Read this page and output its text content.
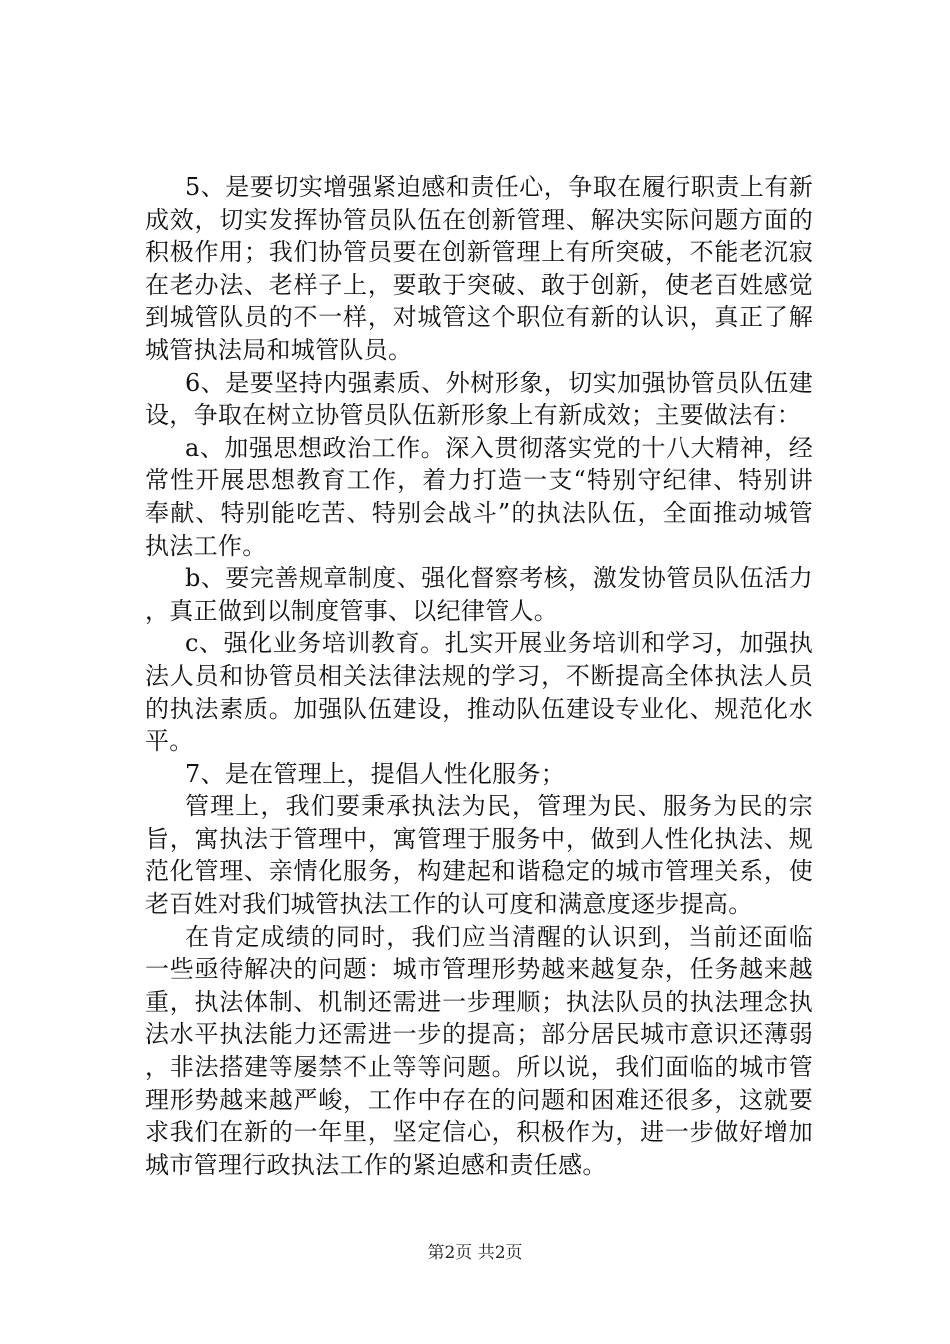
5、是要切实增强紧迫感和责任心，争取在履行职责上有新成效，切实发挥协管员队伍在创新管理、解决实际问题方面的积极作用；我们协管员要在创新管理上有所突破，不能老沉寂在老办法、老样子上，要敢于突破、敢于创新，使老百姓感觉到城管队员的不一样，对城管这个职位有新的认识，真正了解城管执法局和城管队员。

6、是要坚持内强素质、外树形象，切实加强协管员队伍建设，争取在树立协管员队伍新形象上有新成效；主要做法有：

a、加强思想政治工作。深入贯彻落实党的十八大精神，经常性开展思想教育工作，着力打造一支“特别守纪律、特别讲奉献、特别能吃苦、特别会战斗”的执法队伍，全面推动城管执法工作。

b、要完善规章制度、强化督察考核，激发协管员队伍活力，真正做到以制度管事、以纪律管人。

c、强化业务培训教育。扎实开展业务培训和学习，加强执法人员和协管员相关法律法规的学习，不断提高全体执法人员的执法素质。加强队伍建设，推动队伍建设专业化、规范化水平。

7、是在管理上，提倡人性化服务；

管理上，我们要秉承执法为民，管理为民、服务为民的宗旨，寓执法于管理中，寓管理于服务中，做到人性化执法、规范化管理、亲情化服务，构建起和谐稳定的城市管理关系，使老百姓对我们城管执法工作的认可度和满意度逐步提高。

在肯定成绩的同时，我们应当清醒的认识到，当前还面临一些亟待解决的问题：城市管理形势越来越复杂，任务越来越重，执法体制、机制还需进一步理顺；执法队员的执法理念执法水平执法能力还需进一步的提高；部分居民城市意识还薄弱，非法搭建等屡禁不止等等问题。所以说，我们面临的城市管理形势越来越严峻，工作中存在的问题和困难还很多，这就要求我们在新的一年里，坚定信心，积极作为，进一步做好增加城市管理行政执法工作的紧迫感和责任感。

第2页 共2页
